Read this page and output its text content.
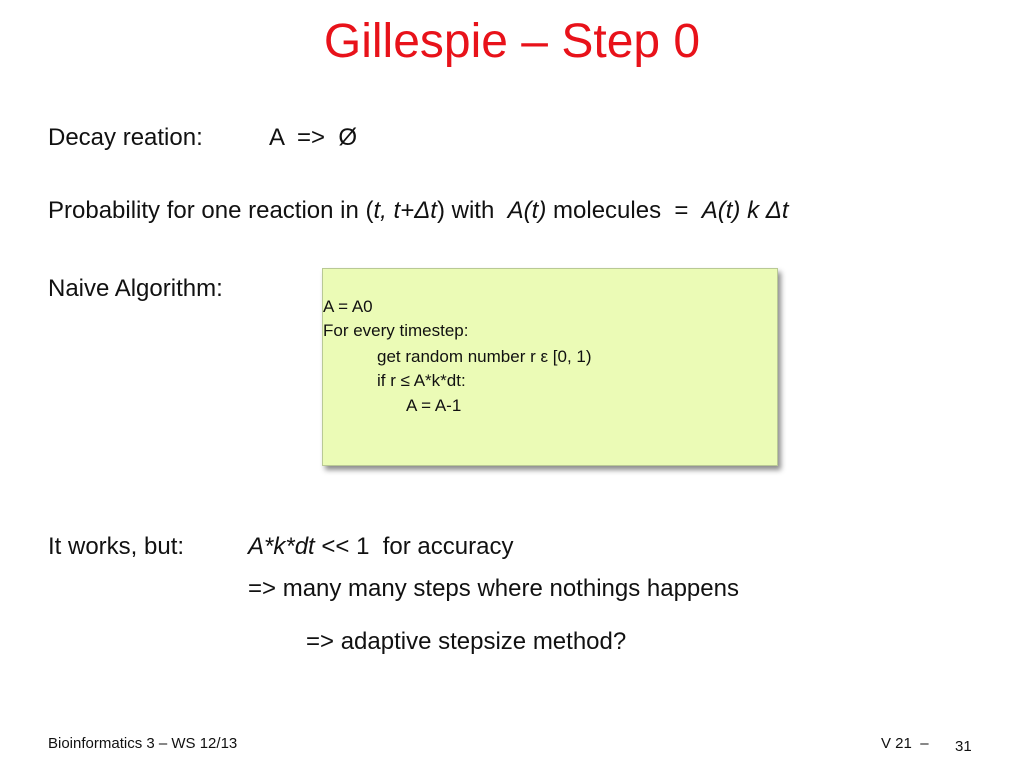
Gillespie – Step 0
Decay reation:	A  =>  Ø
Probability for one reaction in (t, t+Δt) with A(t) molecules  = A(t) k Δt
Naive Algorithm:
A = A0
For every timestep:
get random number r ε [0, 1)
if r ≤ A*k*dt:
A = A-1
It works, but:	A*k*dt << 1  for accuracy
=> many many steps where nothings happens
=> adaptive stepsize method?
Bioinformatics 3 – WS 12/13	V 21  – 31
